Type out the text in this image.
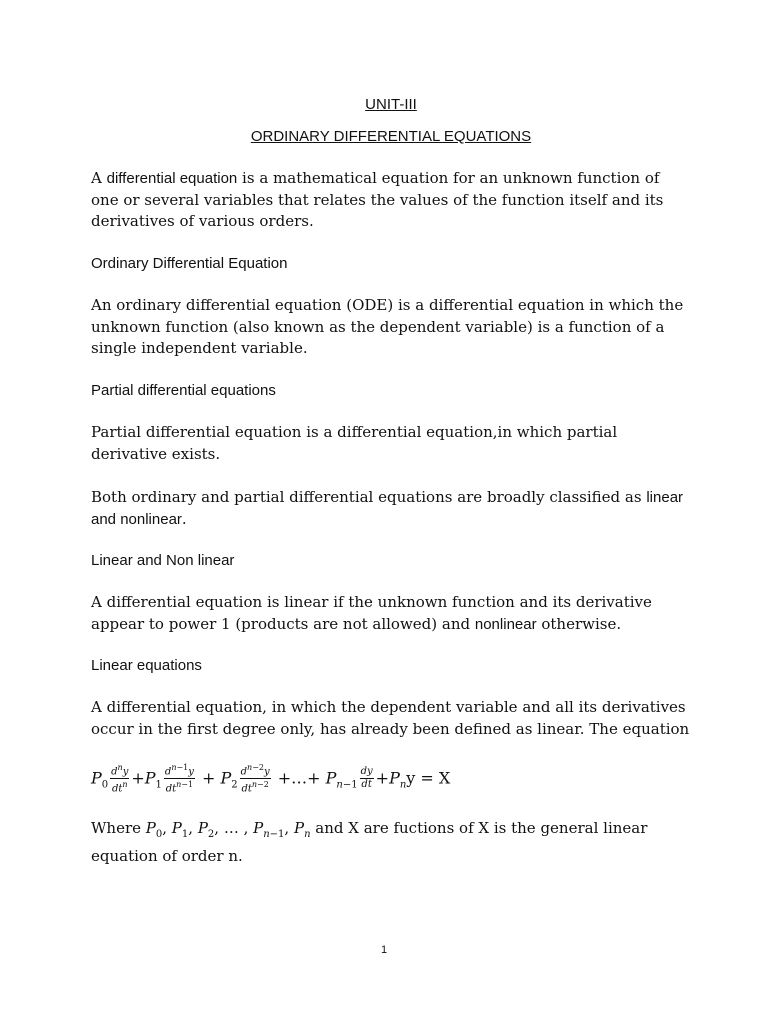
UNIT-III
ORDINARY DIFFERENTIAL EQUATIONS
A differential equation is a mathematical equation for an unknown function of one or several variables that relates the values of the function itself and its derivatives of various orders.
Ordinary Differential Equation
An ordinary differential equation (ODE) is a differential equation in which the unknown function (also known as the dependent variable) is a function of a single independent variable.
Partial differential equations
Partial differential equation is a differential equation,in which partial derivative exists.
Both ordinary and partial differential equations are broadly classified as linear and nonlinear.
Linear and Non linear
A differential equation is linear if the unknown function and its derivative appear to power 1 (products are not allowed) and nonlinear otherwise.
Linear equations
A differential equation, in which the dependent variable and all its derivatives occur in the first degree only, has already been defined as linear. The equation
$P_0 \frac{d^ny}{dt^n} +P_1 \frac{d^{n-1}y}{dt^{n-1}} + P_2 \frac{d^{n-2}y}{dt^{n-2}}$ +…+ $P_{n-1} \frac{dy}{dt} +P_ny = X$
Where $P_0$, $P_1$, $P_2$, … , $P_{n-1}$, $P_n$ and X are fuctions of X is the general linear equation of order n.
1
